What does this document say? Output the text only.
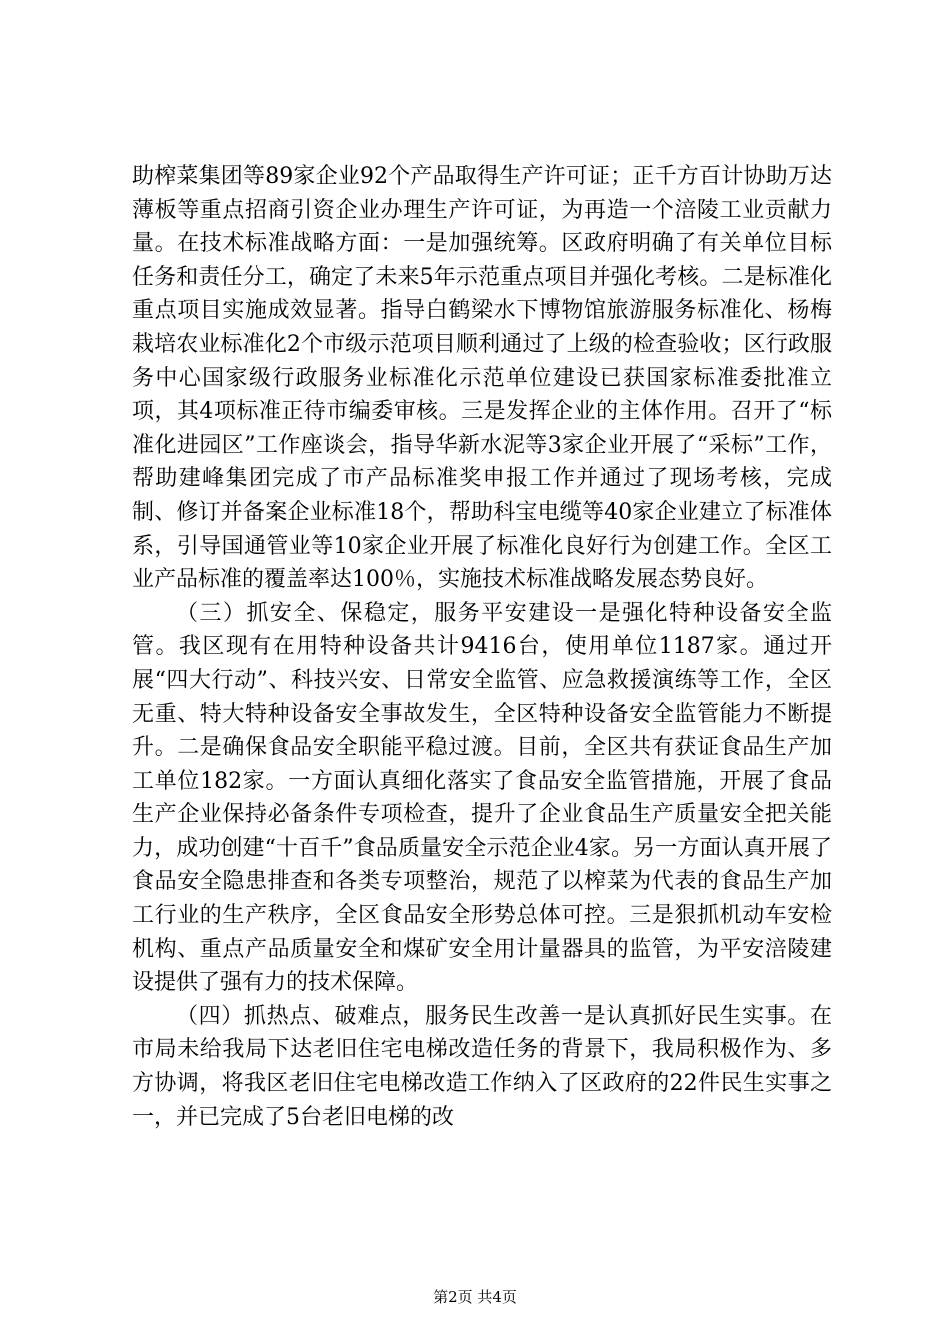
助榨菜集团等89家企业92个产品取得生产许可证；正千方百计协助万达薄板等重点招商引资企业办理生产许可证，为再造一个涪陵工业贡献力量。在技术标准战略方面：一是加强统筹。区政府明确了有关单位目标任务和责任分工，确定了未来5年示范重点项目并强化考核。二是标准化重点项目实施成效显著。指导白鹤梁水下博物馆旅游服务标准化、杨梅栽培农业标准化2个市级示范项目顺利通过了上级的检查验收；区行政服务中心国家级行政服务业标准化示范单位建设已获国家标准委批准立项，其4项标准正待市编委审核。三是发挥企业的主体作用。召开了“标准化进园区”工作座谈会，指导华新水泥等3家企业开展了“采标”工作，帮助建峰集团完成了市产品标准奖申报工作并通过了现场考核，完成制、修订并备案企业标准18个，帮助科宝电缆等40家企业建立了标准体系，引导国通管业等10家企业开展了标准化良好行为创建工作。全区工业产品标准的覆盖率达100％，实施技术标准战略发展态势良好。

（三）抓安全、保稳定，服务平安建设一是强化特种设备安全监管。我区现有在用特种设备共计9416台，使用单位1187家。通过开展“四大行动”、科技兴安、日常安全监管、应急救援演练等工作，全区无重、特大特种设备安全事故发生，全区特种设备安全监管能力不断提升。二是确保食品安全职能平稳过渡。目前，全区共有获证食品生产加工单位182家。一方面认真细化落实了食品安全监管措施，开展了食品生产企业保持必备条件专项检查，提升了企业食品生产质量安全把关能力，成功创建“十百千”食品质量安全示范企业4家。另一方面认真开展了食品安全隐患排查和各类专项整治，规范了以榨菜为代表的食品生产加工行业的生产秩序，全区食品安全形势总体可控。三是狠抓机动车安检机构、重点产品质量安全和煤矿安全用计量器具的监管，为平安涪陵建设提供了强有力的技术保障。

（四）抓热点、破难点，服务民生改善一是认真抓好民生实事。在市局未给我局下达老旧住宅电梯改造任务的背景下，我局积极作为、多方协调，将我区老旧住宅电梯改造工作纳入了区政府的22件民生实事之一，并已完成了5台老旧电梯的改

第2页 共4页
